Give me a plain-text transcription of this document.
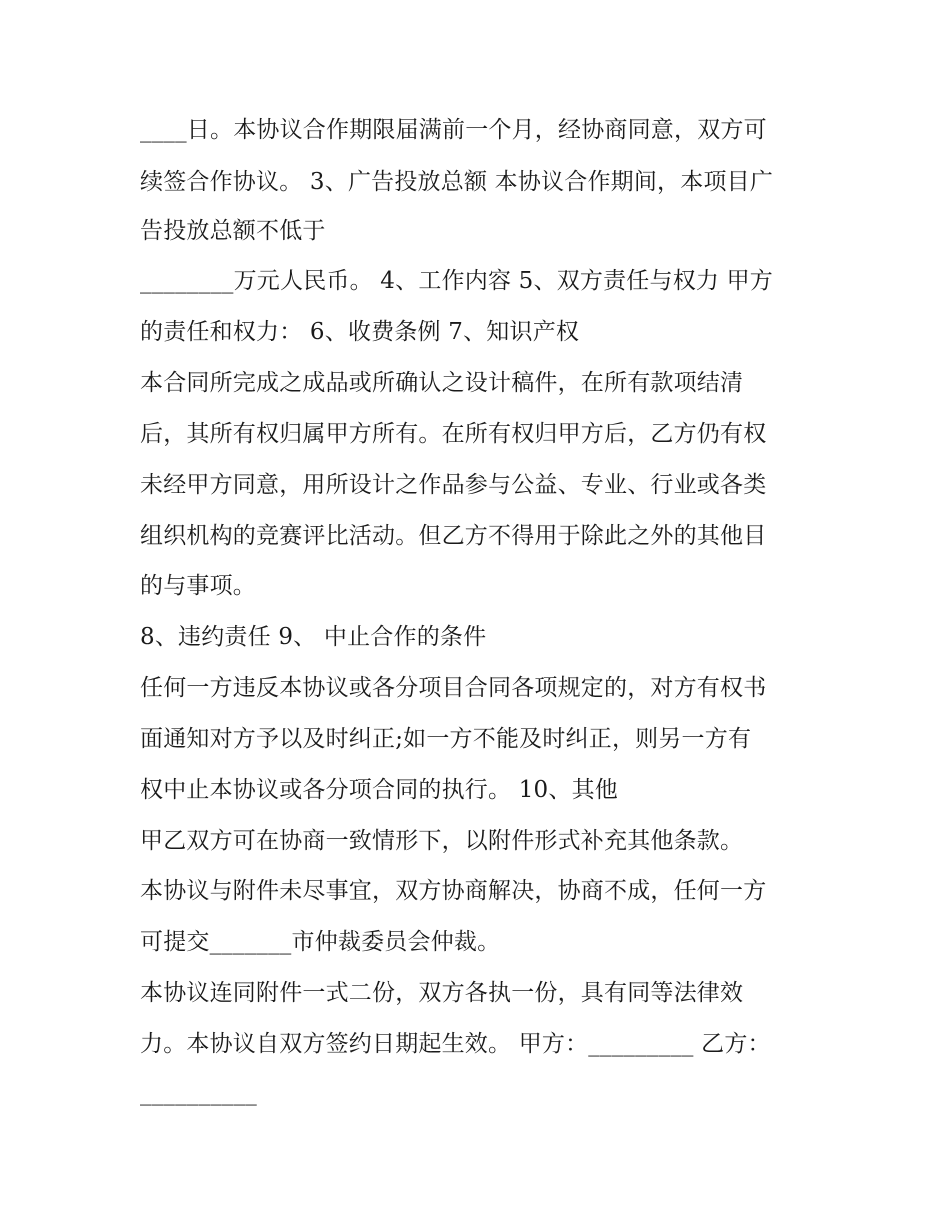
____日。本协议合作期限届满前一个月，经协商同意，双方可
续签合作协议。 3、广告投放总额 本协议合作期间，本项目广
告投放总额不低于
________万元人民币。 4、工作内容 5、双方责任与权力 甲方
的责任和权力： 6、收费条例 7、知识产权
本合同所完成之成品或所确认之设计稿件，在所有款项结清
后，其所有权归属甲方所有。在所有权归甲方后，乙方仍有权
未经甲方同意，用所设计之作品参与公益、专业、行业或各类
组织机构的竞赛评比活动。但乙方不得用于除此之外的其他目
的与事项。
8、违约责任 9、 中止合作的条件
任何一方违反本协议或各分项目合同各项规定的，对方有权书
面通知对方予以及时纠正;如一方不能及时纠正，则另一方有
权中止本协议或各分项合同的执行。 10、其他
甲乙双方可在协商一致情形下，以附件形式补充其他条款。
本协议与附件未尽事宜，双方协商解决，协商不成，任何一方
可提交_______市仲裁委员会仲裁。
本协议连同附件一式二份，双方各执一份，具有同等法律效
力。本协议自双方签约日期起生效。 甲方：_________ 乙方：
__________
